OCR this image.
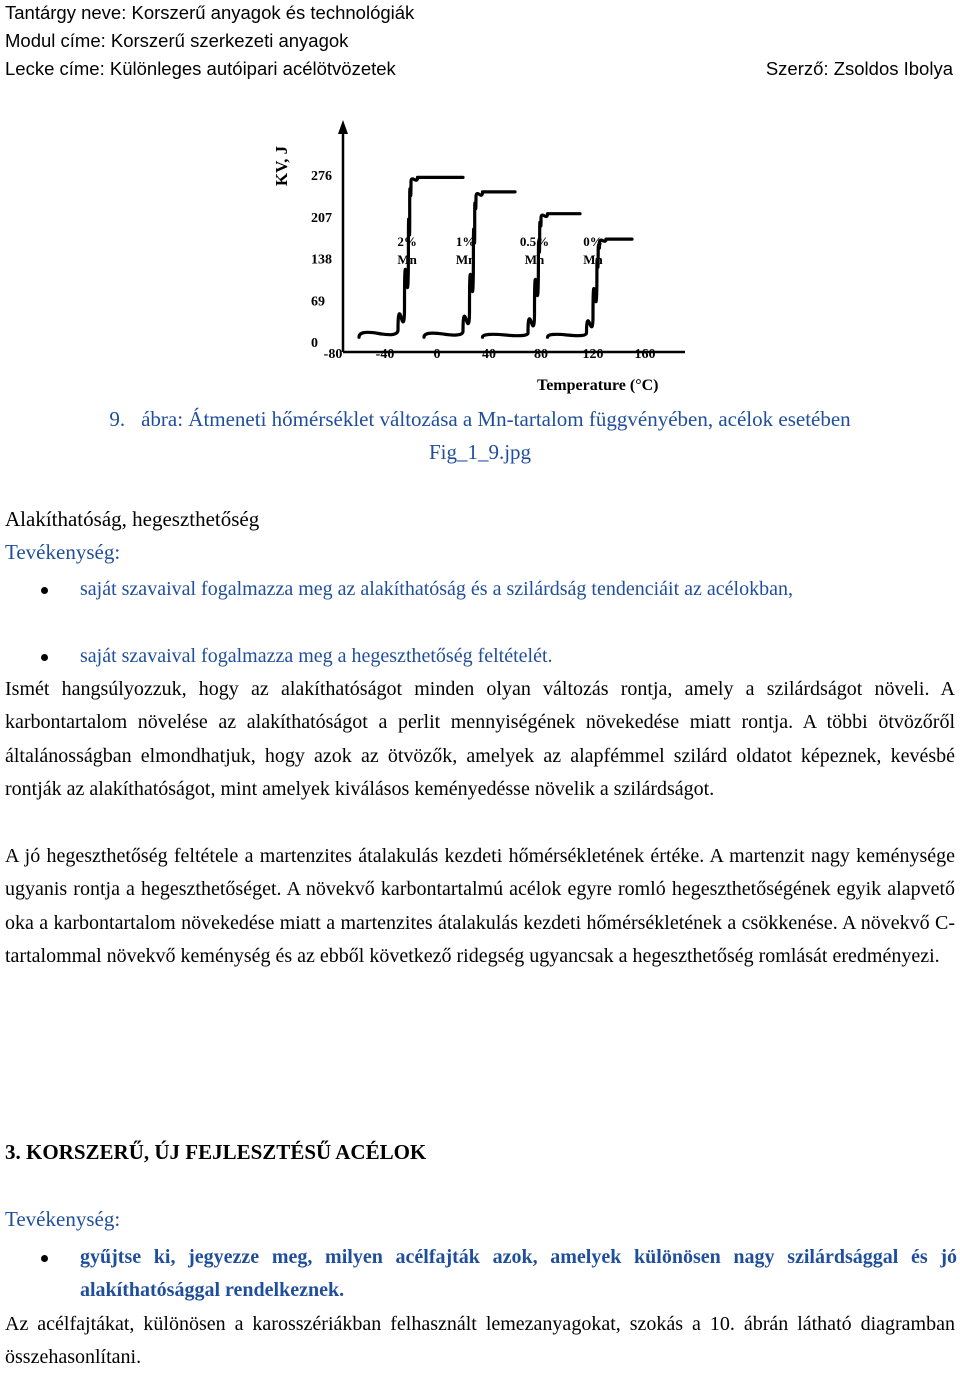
Tantárgy neve: Korszerű anyagok és technológiák
Modul címe: Korszerű szerkezeti anyagok
Lecke címe: Különleges autóipari acélötvözetek	Szerző: Zsoldos Ibolya
0
69
138
207
276
-80 -40	0	40	80 120 160
2%
Mn
1%
Mn
0.5%
Mn
0%
Mn
KV, J
Temperature (°C)
9. ábra: Átmeneti hőmérséklet változása a Mn-tartalom függvényében, acélok esetében
Fig_1_9.jpg
Alakíthatóság, hegeszthetőség
Tevékenység:
saját szavaival fogalmazza meg az alakíthatóság és a szilárdság tendenciáit az acélokban,
saját szavaival fogalmazza meg a hegeszthetőség feltételét.
Ismét hangsúlyozzuk, hogy az alakíthatóságot minden olyan változás rontja, amely a szilárdságot növeli. A karbontartalom növelése az alakíthatóságot a perlit mennyiségének növekedése miatt rontja. A többi ötvözőről általánosságban elmondhatjuk, hogy azok az ötvözők, amelyek az alapfémmel szilárd oldatot képeznek, kevésbé rontják az alakíthatóságot, mint amelyek kiválásos keményedésse növelik a szilárdságot.
A jó hegeszthetőség feltétele a martenzites átalakulás kezdeti hőmérsékletének értéke. A martenzit nagy keménysége ugyanis rontja a hegeszthetőséget. A növekvő karbontartalmú acélok egyre romló hegeszthetőségének egyik alapvető oka a karbontartalom növekedése miatt a martenzites átalakulás kezdeti hőmérsékletének a csökkenése. A növekvő C-tartalommal növekvő keménység és az ebből következő ridegség ugyancsak a hegeszthetőség romlását eredményezi.
3. KORSZERŰ, ÚJ FEJLESZTÉSŰ ACÉLOK
Tevékenység:
gyűjtse ki, jegyezze meg, milyen acélfajták azok, amelyek különösen nagy szilárdsággal és jó alakíthatósággal rendelkeznek.
Az acélfajtákat, különösen a karosszériákban felhasznált lemezanyagokat, szokás a 10. ábrán látható diagramban összehasonlítani.
